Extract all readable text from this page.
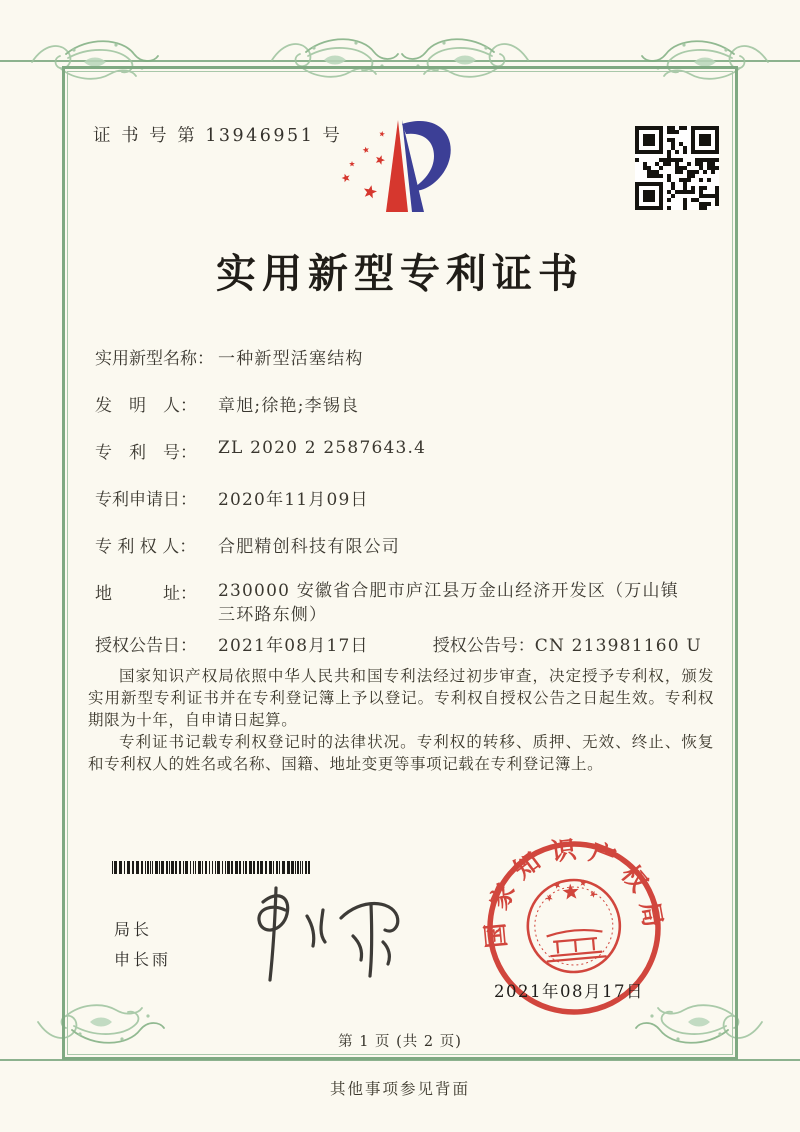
证 书 号 第 13946951 号
实用新型专利证书
实用新型名称： 一种新型活塞结构
发　明　人： 章旭;徐艳;李锡良
专　利　号： ZL 2020 2 2587643.4
专利申请日： 2020年11月09日
专 利 权 人： 合肥精创科技有限公司
地　　　址： 230000 安徽省合肥市庐江县万金山经济开发区（万山镇
三环路东侧）
授权公告日： 2021年08月17日	授权公告号：CN 213981160 U

国家知识产权局依照中华人民共和国专利法经过初步审查，决定授予专利权，颁发实用新型专利证书并在专利登记簿上予以登记。专利权自授权公告之日起生效。专利权期限为十年，自申请日起算。

专利证书记载专利权登记时的法律状况。专利权的转移、质押、无效、终止、恢复和专利权人的姓名或名称、国籍、地址变更等事项记载在专利登记簿上。

局长
申长雨
国家知识产权局
2021年08月17日
第 1 页 (共 2 页)
其他事项参见背面
